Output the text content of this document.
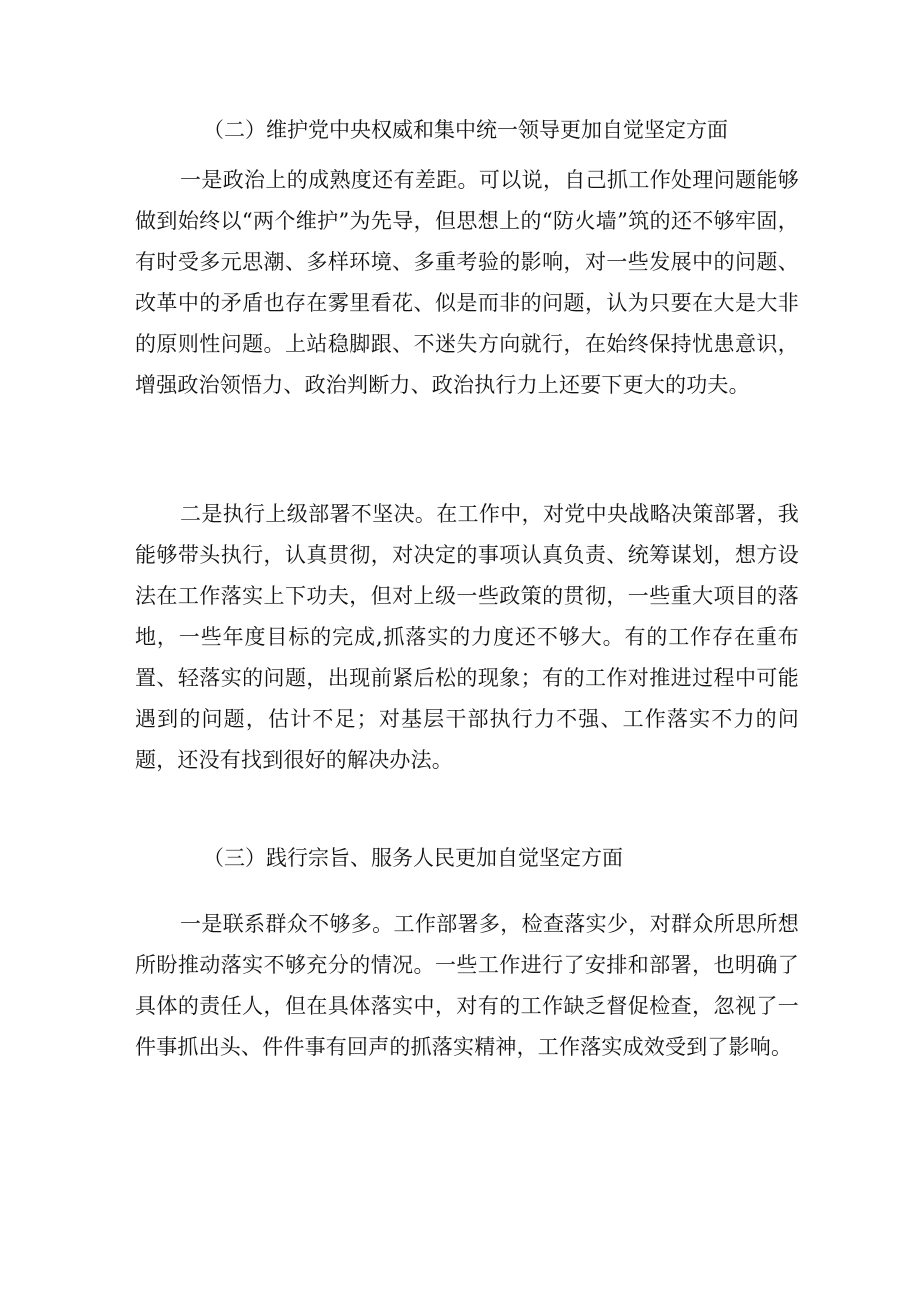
（二）维护党中央权威和集中统一领导更加自觉坚定方面

一是政治上的成熟度还有差距。可以说，自己抓工作处理问题能够做到始终以“两个维护”为先导，但思想上的“防火墙”筑的还不够牢固，有时受多元思潮、多样环境、多重考验的影响，对一些发展中的问题、改革中的矛盾也存在雾里看花、似是而非的问题，认为只要在大是大非的原则性问题。上站稳脚跟、不迷失方向就行，在始终保持忧患意识，增强政治领悟力、政治判断力、政治执行力上还要下更大的功夫。

二是执行上级部署不坚决。在工作中，对党中央战略决策部署，我能够带头执行，认真贯彻，对决定的事项认真负责、统筹谋划，想方设法在工作落实上下功夫，但对上级一些政策的贯彻，一些重大项目的落地，一些年度目标的完成,抓落实的力度还不够大。有的工作存在重布置、轻落实的问题，出现前紧后松的现象；有的工作对推进过程中可能遇到的问题，估计不足；对基层干部执行力不强、工作落实不力的问题，还没有找到很好的解决办法。

（三）践行宗旨、服务人民更加自觉坚定方面

一是联系群众不够多。工作部署多，检查落实少，对群众所思所想所盼推动落实不够充分的情况。一些工作进行了安排和部署，也明确了具体的责任人，但在具体落实中，对有的工作缺乏督促检查，忽视了一件事抓出头、件件事有回声的抓落实精神，工作落实成效受到了影响。
